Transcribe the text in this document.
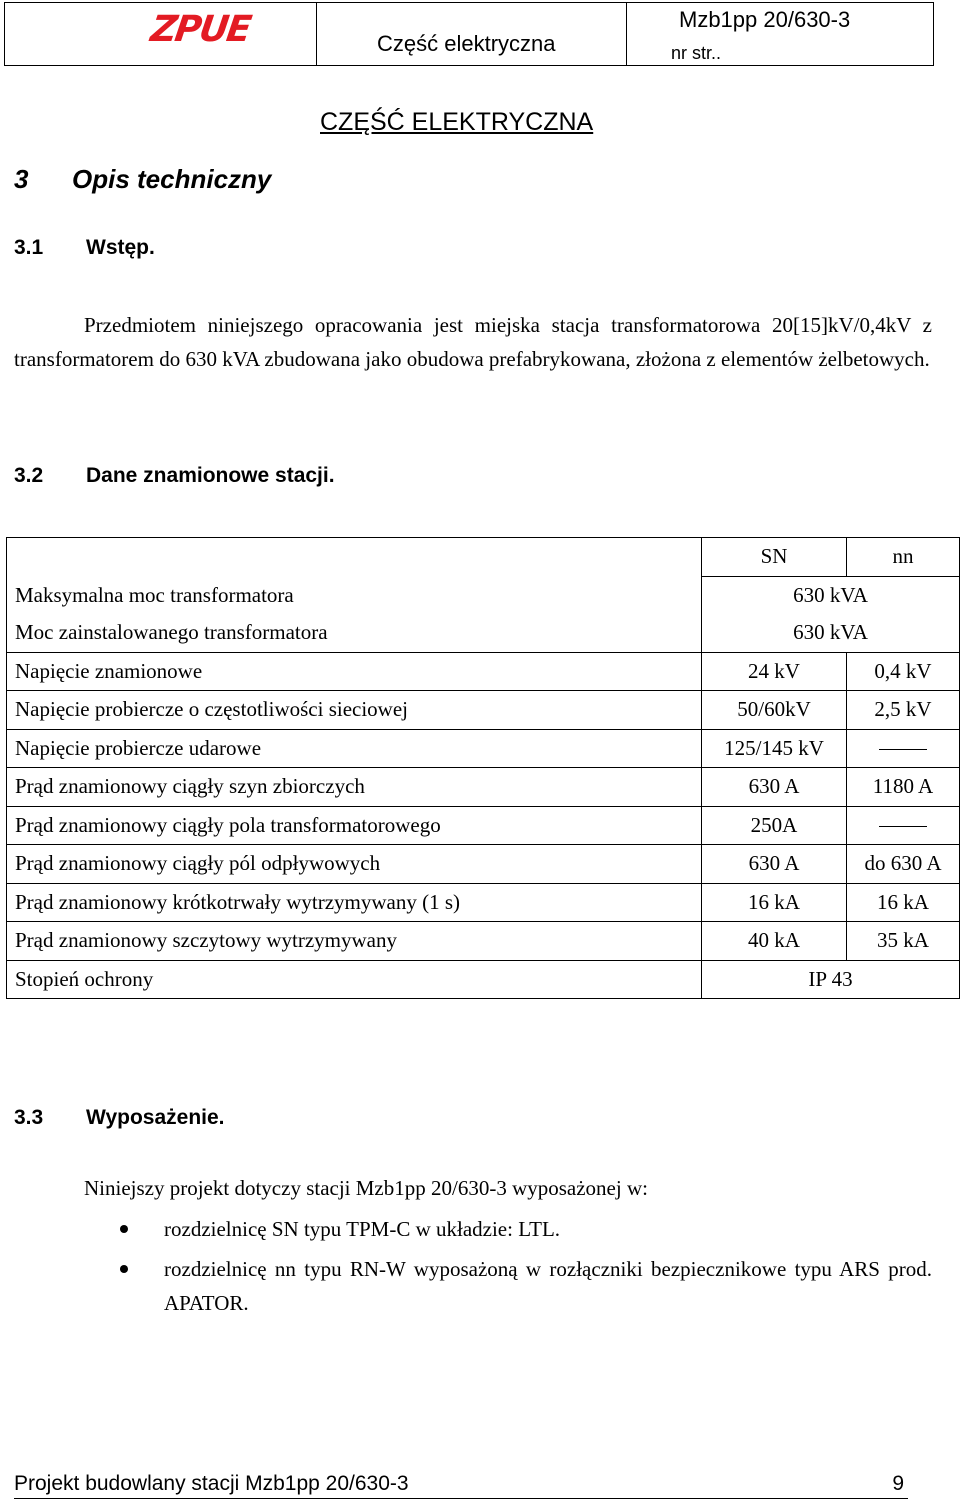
ZPUE	Część elektryczna
Mzb1pp 20/630-3
nr str..
CZĘŚĆ ELEKTRYCZNA
3 Opis techniczny
3.1 Wstęp.
Przedmiotem niniejszego opracowania jest miejska stacja transformatorowa 20[15]kV/0,4kV z transformatorem do 630 kVA zbudowana jako obudowa prefabrykowana, złożona z elementów żelbetowych.
3.2 Dane znamionowe stacji.
	SN	nn
Maksymalna moc transformatora	630 kVA	
Moc zainstalowanego transformatora	630 kVA	
Napięcie znamionowe	24 kV	0,4 kV
Napięcie probiercze o częstotliwości sieciowej	50/60kV	2,5 kV
Napięcie probiercze udarowe	125/145 kV	
Prąd znamionowy ciągły szyn zbiorczych	630 A	1180 A
Prąd znamionowy ciągły pola transformatorowego	250A	
Prąd znamionowy ciągły pól odpływowych	630 A	do 630 A
Prąd znamionowy krótkotrwały wytrzymywany (1 s)	16 kA	16 kA
Prąd znamionowy szczytowy wytrzymywany	40 kA	35 kA
Stopień ochrony	IP 43	
3.3 Wyposażenie.
Niniejszy projekt dotyczy stacji Mzb1pp 20/630-3 wyposażonej w:
rozdzielnicę SN typu TPM-C w układzie: LTL.
rozdzielnicę nn typu RN-W wyposażoną w rozłączniki bezpiecznikowe typu ARS prod. APATOR.
Projekt budowlany stacji Mzb1pp 20/630-3	9
